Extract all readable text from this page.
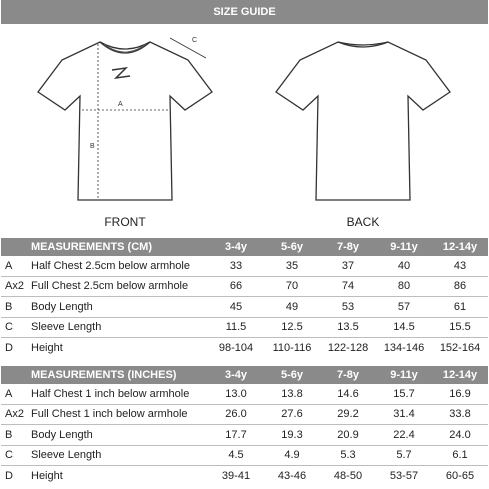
SIZE GUIDE
A
B
C
FRONT	BACK
	MEASUREMENTS (CM)	3-4y	5-6y	7-8y	9-11y	12-14y
A	Half Chest 2.5cm below armhole	33	35	37	40	43
Ax2	Full Chest 2.5cm below armhole	66	70	74	80	86
B	Body Length	45	49	53	57	61
C	Sleeve Length	11.5	12.5	13.5	14.5	15.5
D	Height	98-104	110-116	122-128	134-146	152-164
	MEASUREMENTS (INCHES)	3-4y	5-6y	7-8y	9-11y	12-14y
A	Half Chest 1 inch below armhole	13.0	13.8	14.6	15.7	16.9
Ax2	Full Chest 1 inch below armhole	26.0	27.6	29.2	31.4	33.8
B	Body Length	17.7	19.3	20.9	22.4	24.0
C	Sleeve Length	4.5	4.9	5.3	5.7	6.1
D	Height	39-41	43-46	48-50	53-57	60-65
